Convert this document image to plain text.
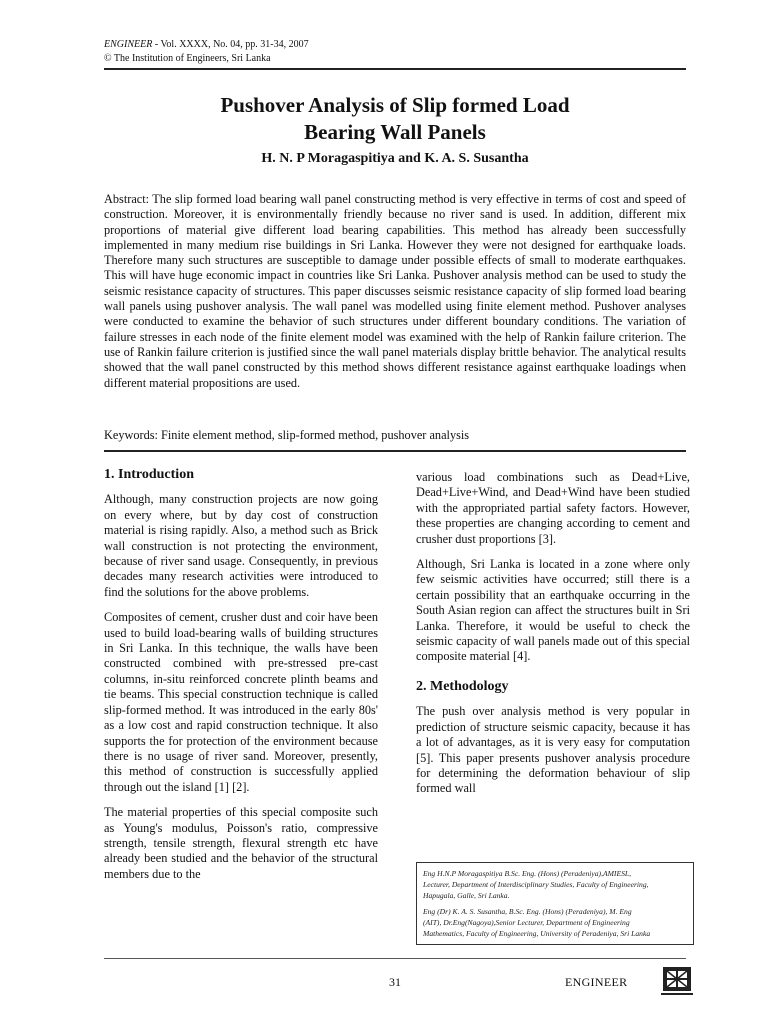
ENGINEER - Vol. XXXX, No. 04, pp. 31-34, 2007
© The Institution of Engineers, Sri Lanka
Pushover Analysis of Slip formed Load
Bearing Wall Panels
H. N. P Moragaspitiya and K. A. S. Susantha

Abstract: The slip formed load bearing wall panel constructing method is very effective in terms of cost and speed of construction. Moreover, it is environmentally friendly because no river sand is used. In addition, different mix proportions of material give different load bearing capabilities. This method has already been successfully implemented in many medium rise buildings in Sri Lanka. However they were not designed for earthquake loads. Therefore many such structures are susceptible to damage under possible effects of small to moderate earthquakes. This will have huge economic impact in countries like Sri Lanka. Pushover analysis method can be used to study the seismic resistance capacity of structures. This paper discusses seismic resistance capacity of slip formed load bearing wall panels using pushover analysis. The wall panel was modelled using finite element method. Pushover analyses were conducted to examine the behavior of such structures under different boundary conditions. The variation of failure stresses in each node of the finite element model was examined with the help of Rankin failure criterion. The use of Rankin failure criterion is justified since the wall panel materials display brittle behavior. The analytical results showed that the wall panel constructed by this method shows different resistance against earthquake loadings when different material propositions are used.

Keywords: Finite element method, slip-formed method, pushover analysis

1. Introduction

Although, many construction projects are now going on every where, but by day cost of construction material is rising rapidly. Also, a method such as Brick wall construction is not protecting the environment, because of river sand usage. Consequently, in previous decades many research activities were introduced to find the solutions for the above problems.

Composites of cement, crusher dust and coir have been used to build load-bearing walls of building structures in Sri Lanka. In this technique, the walls have been constructed combined with pre-stressed pre-cast columns, in-situ reinforced concrete plinth beams and tie beams. This special construction technique is called slip-formed method. It was introduced in the early 80s' as a low cost and rapid construction technique. It also supports the for protection of the environment because there is no usage of river sand. Moreover, presently, this method of construction is successfully applied through out the island [1] [2].

The material properties of this special composite such as Young's modulus, Poisson's ratio, compressive strength, tensile strength, flexural strength etc have already been studied and the behavior of the structural members due to the

various load combinations such as Dead+Live, Dead+Live+Wind, and Dead+Wind have been studied with the appropriated partial safety factors. However, these properties are changing according to cement and crusher dust proportions [3].

Although, Sri Lanka is located in a zone where only few seismic activities have occurred; still there is a certain possibility that an earthquake occurring in the South Asian region can affect the structures built in Sri Lanka. Therefore, it would be useful to check the seismic capacity of wall panels made out of this special composite material [4].

2. Methodology

The push over analysis method is very popular in prediction of structure seismic capacity, because it has a lot of advantages, as it is very easy for computation [5]. This paper presents pushover analysis procedure for determining the deformation behaviour of slip formed wall

Eng H.N.P Moragaspitiya B.Sc. Eng. (Hons) (Peradeniya),AMIESL,

Lecturer, Department of Interdisciplinary Studies, Faculty of Engineering,

Hapugala, Galle, Sri Lanka.

Eng (Dr) K. A. S. Susantha, B.Sc. Eng. (Hons) (Peradeniya), M. Eng

(AIT), Dr.Eng(Nagoya),Senior Lecturer, Department of Engineering

Mathematics, Faculty of Engineering, University of Peradeniya, Sri Lanka

31	ENGINEER
